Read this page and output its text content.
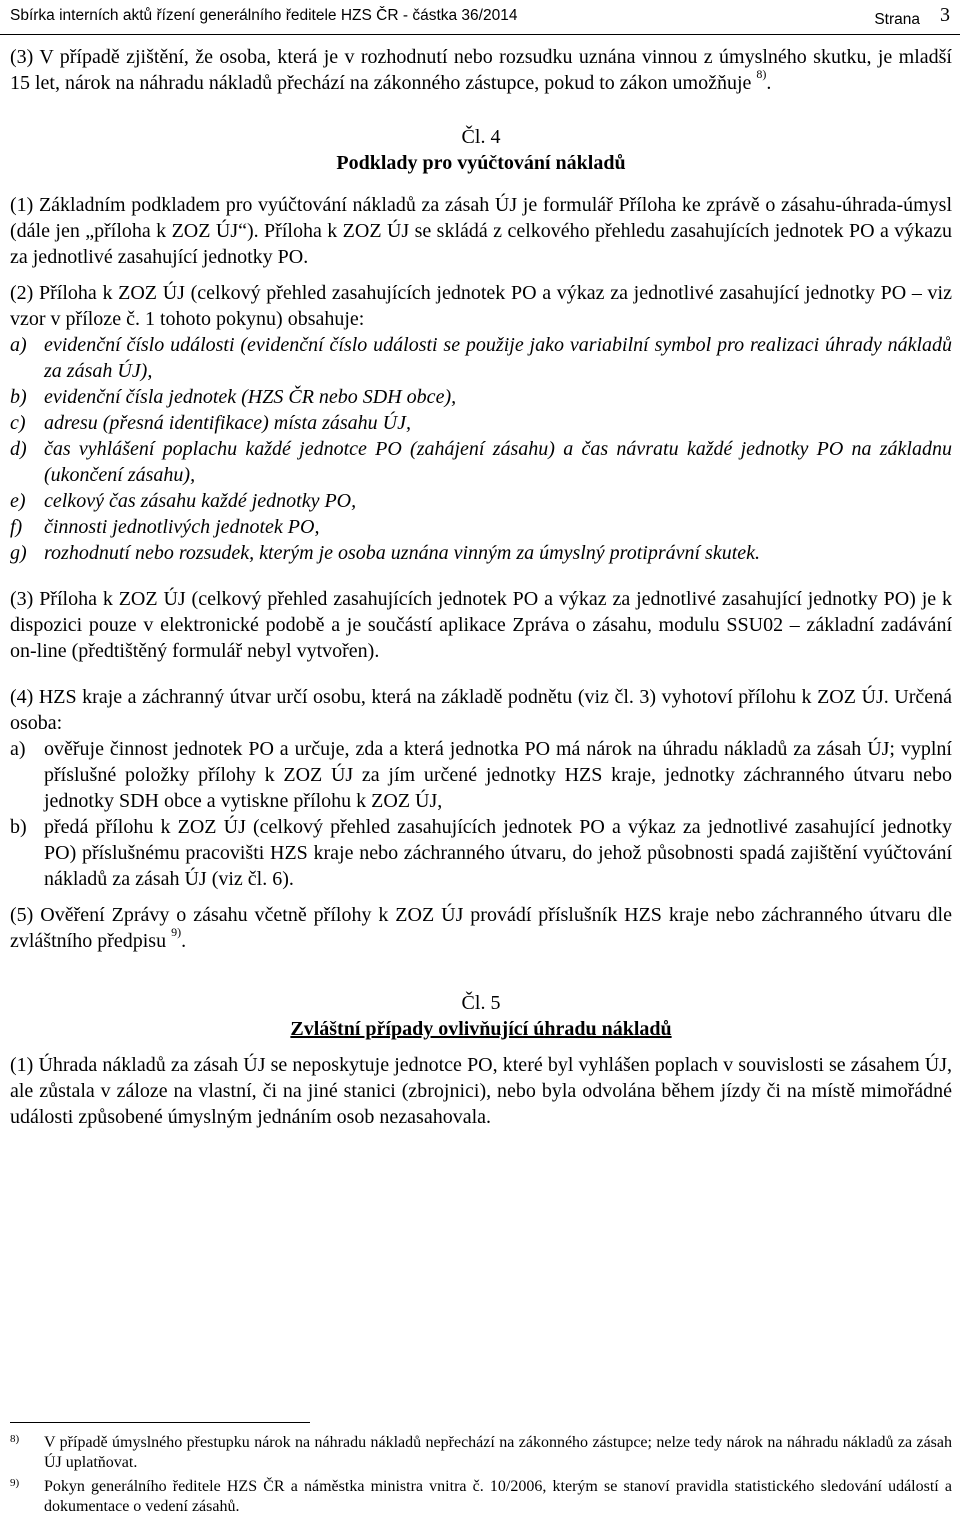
Sbírka interních aktů řízení generálního ředitele HZS ČR - částka 36/2014	Strana 3

(3) V případě zjištění, že osoba, která je v rozhodnutí nebo rozsudku uznána vinnou z úmyslného skutku, je mladší 15 let, nárok na náhradu nákladů přechází na zákonného zástupce, pokud to zákon umožňuje $^{8)}$.

Čl. 4

Podklady pro vyúčtování nákladů

(1) Základním podkladem pro vyúčtování nákladů za zásah ÚJ je formulář Příloha ke zprávě o zásahu-úhrada-úmysl (dále jen „příloha k ZOZ ÚJ“). Příloha k ZOZ ÚJ se skládá z celkového přehledu zasahujících jednotek PO a výkazu za jednotlivé zasahující jednotky PO.

(2) Příloha k ZOZ ÚJ (celkový přehled zasahujících jednotek PO a výkaz za jednotlivé zasahující jednotky PO – viz vzor v příloze č. 1 tohoto pokynu) obsahuje:

a) evidenční číslo události (evidenční číslo události se použije jako variabilní symbol pro realizaci úhrady nákladů za zásah ÚJ),
b) evidenční čísla jednotek (HZS ČR nebo SDH obce),
c) adresu (přesná identifikace) místa zásahu ÚJ,
d) čas vyhlášení poplachu každé jednotce PO (zahájení zásahu) a čas návratu každé jednotky PO na základnu (ukončení zásahu),
e) celkový čas zásahu každé jednotky PO,
f) činnosti jednotlivých jednotek PO,
g) rozhodnutí nebo rozsudek, kterým je osoba uznána vinným za úmyslný protiprávní skutek.

(3) Příloha k ZOZ ÚJ (celkový přehled zasahujících jednotek PO a výkaz za jednotlivé zasahující jednotky PO) je k dispozici pouze v elektronické podobě a je součástí aplikace Zpráva o zásahu, modulu SSU02 – základní zadávání on-line (předtištěný formulář nebyl vytvořen).

(4) HZS kraje a záchranný útvar určí osobu, která na základě podnětu (viz čl. 3) vyhotoví přílohu k ZOZ ÚJ. Určená osoba:

a) ověřuje činnost jednotek PO a určuje, zda a která jednotka PO má nárok na úhradu nákladů za zásah ÚJ; vyplní příslušné položky přílohy k ZOZ ÚJ za jím určené jednotky HZS kraje, jednotky záchranného útvaru nebo jednotky SDH obce a vytiskne přílohu k ZOZ ÚJ,
b) předá přílohu k ZOZ ÚJ (celkový přehled zasahujících jednotek PO a výkaz za jednotlivé zasahující jednotky PO) příslušnému pracovišti HZS kraje nebo záchranného útvaru, do jehož působnosti spadá zajištění vyúčtování nákladů za zásah ÚJ (viz čl. 6).

(5) Ověření Zprávy o zásahu včetně přílohy k ZOZ ÚJ provádí příslušník HZS kraje nebo záchranného útvaru dle zvláštního předpisu $^{9)}$.

Čl. 5

Zvláštní případy ovlivňující úhradu nákladů

(1) Úhrada nákladů za zásah ÚJ se neposkytuje jednotce PO, které byl vyhlášen poplach v souvislosti se zásahem ÚJ, ale zůstala v záloze na vlastní, či na jiné stanici (zbrojnici), nebo byla odvolána během jízdy či na místě mimořádné události způsobené úmyslným jednáním osob nezasahovala.

8) V případě úmyslného přestupku nárok na náhradu nákladů nepřechází na zákonného zástupce; nelze tedy nárok na náhradu nákladů za zásah ÚJ uplatňovat.
9) Pokyn generálního ředitele HZS ČR a náměstka ministra vnitra č. 10/2006, kterým se stanoví pravidla statistického sledování událostí a dokumentace o vedení zásahů.
